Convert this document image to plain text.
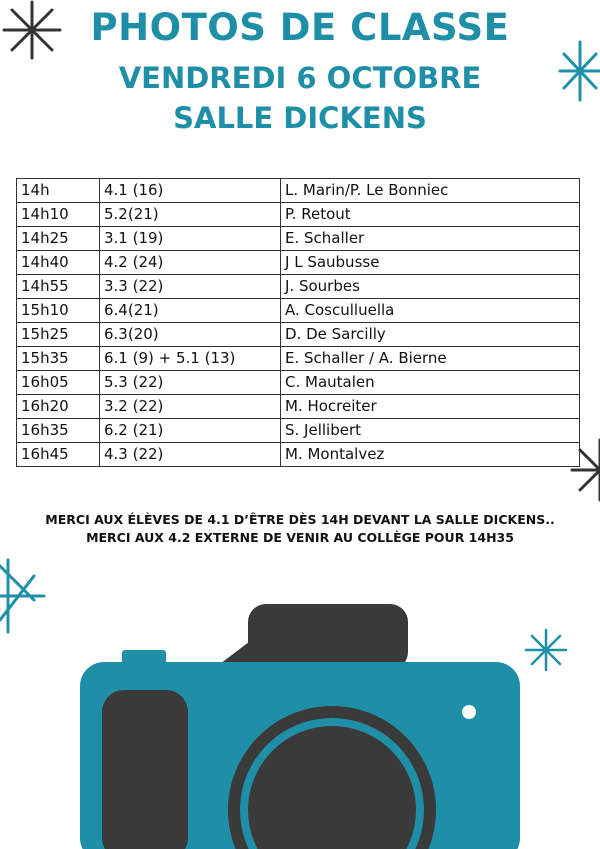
PHOTOS DE CLASSE
VENDREDI 6 OCTOBRE
SALLE DICKENS
14h	4.1 (16)	L. Marin/P. Le Bonniec
14h10	5.2(21)	P. Retout
14h25	3.1 (19)	E. Schaller
14h40	4.2 (24)	J L Saubusse
14h55	3.3 (22)	J. Sourbes
15h10	6.4(21)	A. Cosculluella
15h25	6.3(20)	D. De Sarcilly
15h35	6.1 (9) + 5.1 (13)	E. Schaller / A. Bierne
16h05	5.3 (22)	C. Mautalen
16h20	3.2 (22)	M. Hocreiter
16h35	6.2 (21)	S. Jellibert
16h45	4.3 (22)	M. Montalvez
MERCI AUX ÉLÈVES DE 4.1 D’ÊTRE DÈS 14H DEVANT LA SALLE DICKENS..
MERCI AUX 4.2 EXTERNE DE VENIR AU COLLÈGE POUR 14H35
